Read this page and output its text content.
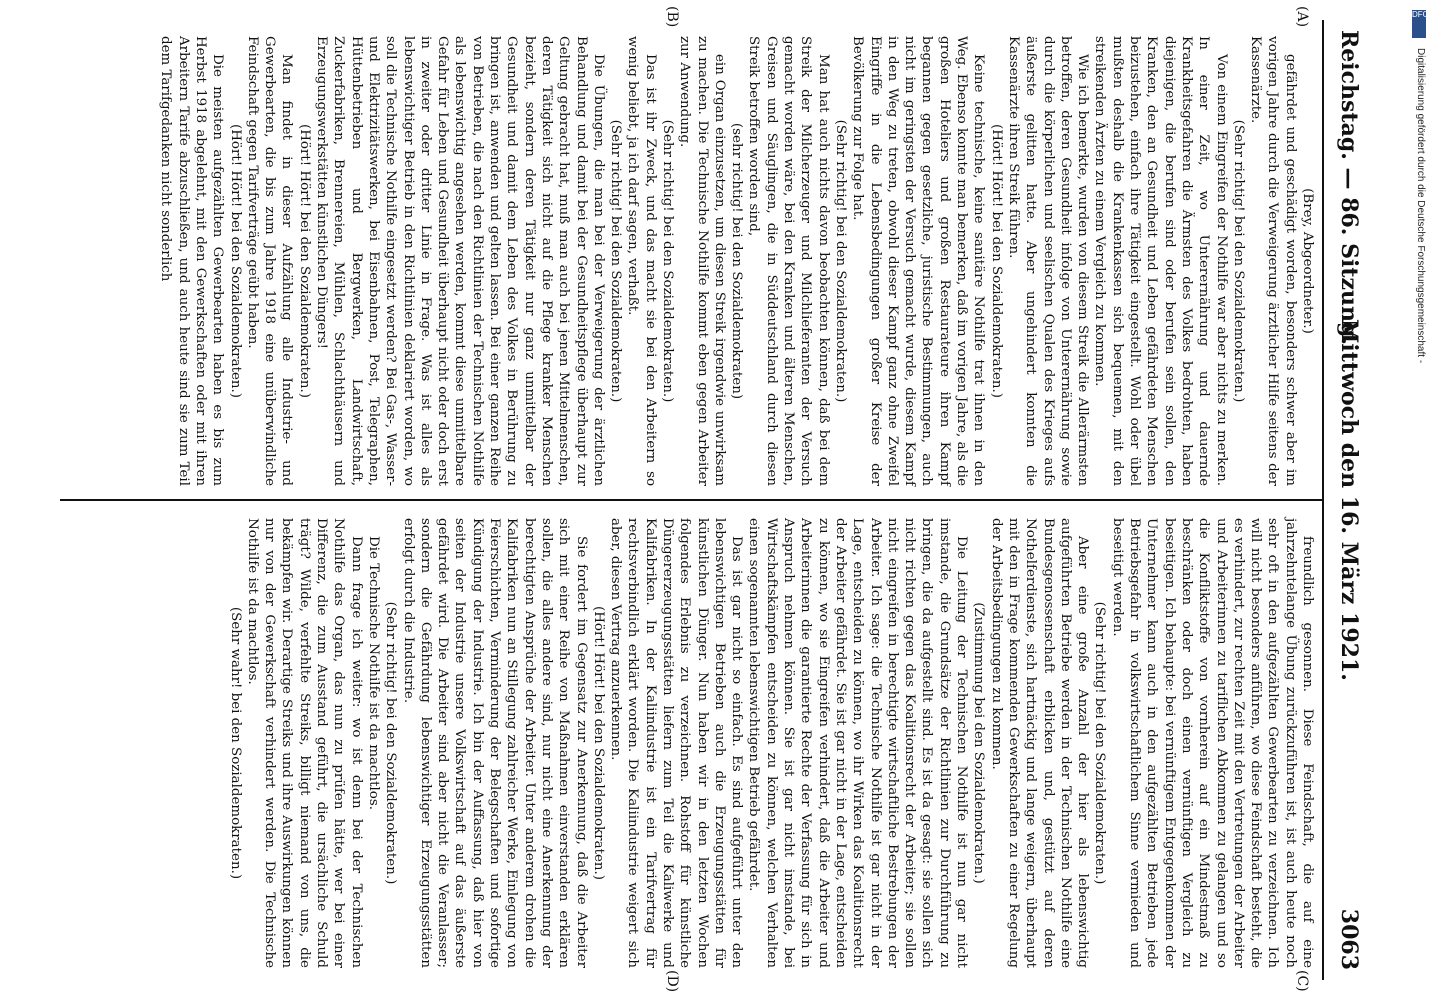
Reichstag. — 86. Sitzung.
Mittwoch den 16. März 1921.
3063
(A)
(B)
(C)
(D)

(Brey, Abgeordneter.)

gefährdet und geschädigt worden, besonders schwer aber im vorigen Jahre durch die Verweigerung ärztlicher Hilfe seitens der Kassenärzte.

(Sehr richtig! bei den Sozialdemokraten.)

Von einem Eingreifen der Nothilfe war aber nichts zu merken. In einer Zeit, wo Unterernährung und dauernde Krankheitsgefahren die Ärmsten des Volkes bedrohten, haben diejenigen, die berufen sind oder berufen sein sollen, den Kranken, den an Gesundheit und Leben gefährdeten Menschen beizustehen, einfach ihre Tätigkeit eingestellt. Wohl oder übel mußten deshalb die Krankenkassen sich bequemen, mit den streikenden Ärzten zu einem Vergleich zu kommen.

Wie ich bemerkte, wurden von diesem Streik die Allerärmsten betroffen, deren Gesundheit infolge von Unterernährung sowie durch die körperlichen und seelischen Qualen des Krieges aufs äußerste gelitten hatte. Aber ungehindert konnten die Kassenärzte ihren Streik führen.

(Hört! Hört! bei den Sozialdemokraten.)

Keine technische, keine sanitäre Nothilfe trat ihnen in den Weg. Ebenso konnte man bemerken, daß im vorigen Jahre, als die großen Hoteliers und großen Restaurateure ihren Kampf begannen gegen gesetzliche, juristische Bestimmungen, auch nicht im geringsten der Versuch gemacht wurde, diesem Kampf in den Weg zu treten, obwohl dieser Kampf ganz ohne Zweifel Eingriffe in die Lebensbedingungen großer Kreise der Bevölkerung zur Folge hat.

(Sehr richtig! bei den Sozialdemokraten.)

Man hat auch nichts davon beobachten können, daß bei dem Streik der Milcherzeuger und Milchlieferanten der Versuch gemacht worden wäre, bei den Kranken und älteren Menschen, Greisen und Säuglingen, die in Süddeutschland durch diesen Streik betroffen worden sind,

(sehr richtig! bei den Sozialdemokraten)

ein Organ einzusetzen, um diesen Streik irgendwie unwirksam zu machen. Die Technische Nothilfe kommt eben gegen Arbeiter zur Anwendung.

(Sehr richtig! bei den Sozialdemokraten.)

Das ist ihr Zweck, und das macht sie bei den Arbeitern so wenig beliebt, ja ich darf sagen, verhaßt.

(Sehr richtig! bei den Sozialdemokraten.)

Die Übungen, die man bei der Verweigerung der ärztlichen Behandlung und damit bei der Gesundheitspflege überhaupt zur Geltung gebracht hat, muß man auch bei jenen Mittelmenschen, deren Tätigkeit sich nicht auf die Pflege kranker Menschen bezieht, sondern deren Tätigkeit nur ganz unmittelbar der Gesundheit und damit dem Leben des Volkes in Berührung zu bringen ist, anwenden und gelten lassen. Bei einer ganzen Reihe von Betrieben, die nach den Richtlinien der Technischen Nothilfe als lebenswichtig angesehen werden, kommt diese unmittelbare Gefahr für Leben und Gesundheit überhaupt nicht oder doch erst in zweiter oder dritter Linie in Frage. Was ist alles als lebenswichtiger Betrieb in den Richtlinien deklariert worden, wo soll die Technische Nothilfe eingesetzt werden? Bei Gas-, Wasser- und Elektrizitätswerken, bei Eisenbahnen, Post, Telegraphen, Hüttenbetrieben und Bergwerken, Landwirtschaft, Zuckerfabriken, Brennereien, Mühlen, Schlachthäusern und Erzeugungswerkstätten künstlichen Düngers!

(Hört! Hört! bei den Sozialdemokraten.)

Man findet in dieser Aufzählung alle Industrie- und Gewerbearten, die bis zum Jahre 1918 eine unüberwindliche Feindschaft gegen Tarifverträge geübt haben.

(Hört! Hört! bei den Sozialdemokraten.)

Die meisten aufgezählten Gewerbearten haben es bis zum Herbst 1918 abgelehnt, mit den Gewerkschaften oder mit ihren Arbeitern Tarife abzuschließen, und auch heute sind sie zum Teil dem Tarifgedanken nicht sonderlich

freundlich gesonnen. Diese Feindschaft, die auf eine jahrzehntelange Übung zurückzuführen ist, ist auch heute noch sehr oft in den aufgezählten Gewerbearten zu verzeichnen. Ich will nicht besonders anführen, wo diese Feindschaft besteht, die es verhindert, zur rechten Zeit mit den Vertretungen der Arbeiter und Arbeiterinnen zu tariflichen Abkommen zu gelangen und so die Konfliktstoffe von vornherein auf ein Mindestmaß zu beschränken oder doch einen vernünftigen Vergleich zu beseitigen. Ich behaupte: bei vernünftigem Entgegenkommen der Unternehmer kann auch in den aufgezählten Betrieben jede Betriebsgefahr in volkswirtschaftlichem Sinne vermieden und beseitigt werden.

(Sehr richtig! bei den Sozialdemokraten.)

Aber eine große Anzahl der hier als lebenswichtig aufgeführten Betriebe werden in der Technischen Nothilfe eine Bundesgenossenschaft erblicken und, gestützt auf deren Nothelferdienste, sich hartnäckig und lange weigern, überhaupt mit den in Frage kommenden Gewerkschaften zu einer Regelung der Arbeitsbedingungen zu kommen.

(Zustimmung bei den Sozialdemokraten.)

Die Leitung der Technischen Nothilfe ist nun gar nicht imstande, die Grundsätze der Richtlinien zur Durchführung zu bringen, die da aufgestellt sind. Es ist da gesagt: sie sollen sich nicht richten gegen das Koalitionsrecht der Arbeiter; sie sollen nicht eingreifen in berechtigte wirtschaftliche Bestrebungen der Arbeiter. Ich sage: die Technische Nothilfe ist gar nicht in der Lage, entscheiden zu können, wo ihr Wirken das Koalitionsrecht der Arbeiter gefährdet. Sie ist gar nicht in der Lage, entscheiden zu können, wo sie Eingreifen verhindert, daß die Arbeiter und Arbeiterinnen die garantierte Rechte der Verfassung für sich in Anspruch nehmen können. Sie ist gar nicht imstande, bei Wirtschaftskämpfen entscheiden zu können, welchen Verhalten einen sogenannten lebenswichtigen Betrieb gefährdet.

Das ist gar nicht so einfach. Es sind aufgeführt unter den lebenswichtigen Betrieben auch die Erzeugungsstätten für künstlichen Dünger. Nun haben wir in den letzten Wochen folgendes Erlebnis zu verzeichnen. Rohstoff für künstliche Düngererzeugungsstätten liefern zum Teil die Kaliwerke und Kalifabriken. In der Kaliindustrie ist ein Tarifvertrag für rechtsverbindlich erklärt worden. Die Kaliindustrie weigert sich aber, diesen Vertrag anzuerkennen.

(Hört! Hört! bei den Sozialdemokraten.)

Sie fordert im Gegensatz zur Anerkennung, daß die Arbeiter sich mit einer Reihe von Maßnahmen einverstanden erklären sollen, die alles andere sind, nur nicht eine Anerkennung der berechtigten Ansprüche der Arbeiter. Unter anderem drohen die Kalifabriken nun an Stillegung zahlreicher Werke, Einlegung von Feierschichten, Verminderung der Belegschaften und sofortige Kündigung der Industrie. Ich bin der Auffassung, daß hier von seiten der Industrie unsere Volkswirtschaft auf das äußerste gefährdet wird. Die Arbeiter sind aber nicht die Veranlasser; sondern die Gefährdung lebenswichtiger Erzeugungsstätten erfolgt durch die Industrie.

(Sehr richtig! bei den Sozialdemokraten.)

Die Technische Nothilfe ist da machtlos.

Dann frage ich weiter: wo ist denn bei der Technischen Nothilfe das Organ, das nun zu prüfen hätte, wer bei einer Differenz, die zum Ausstand geführt, die ursächliche Schuld trägt? Wilde, verfehlte Streiks, billigt niemand von uns, die bekämpfen wir. Derartige Streiks und ihre Auswirkungen können nur von der Gewerkschaft verhindert werden. Die Technische Nothilfe ist da machtlos.

(Sehr wahr! bei den Sozialdemokraten.)

DFG
Digitalisierung gefördert durch die Deutsche Forschungsgemeinschaft -
